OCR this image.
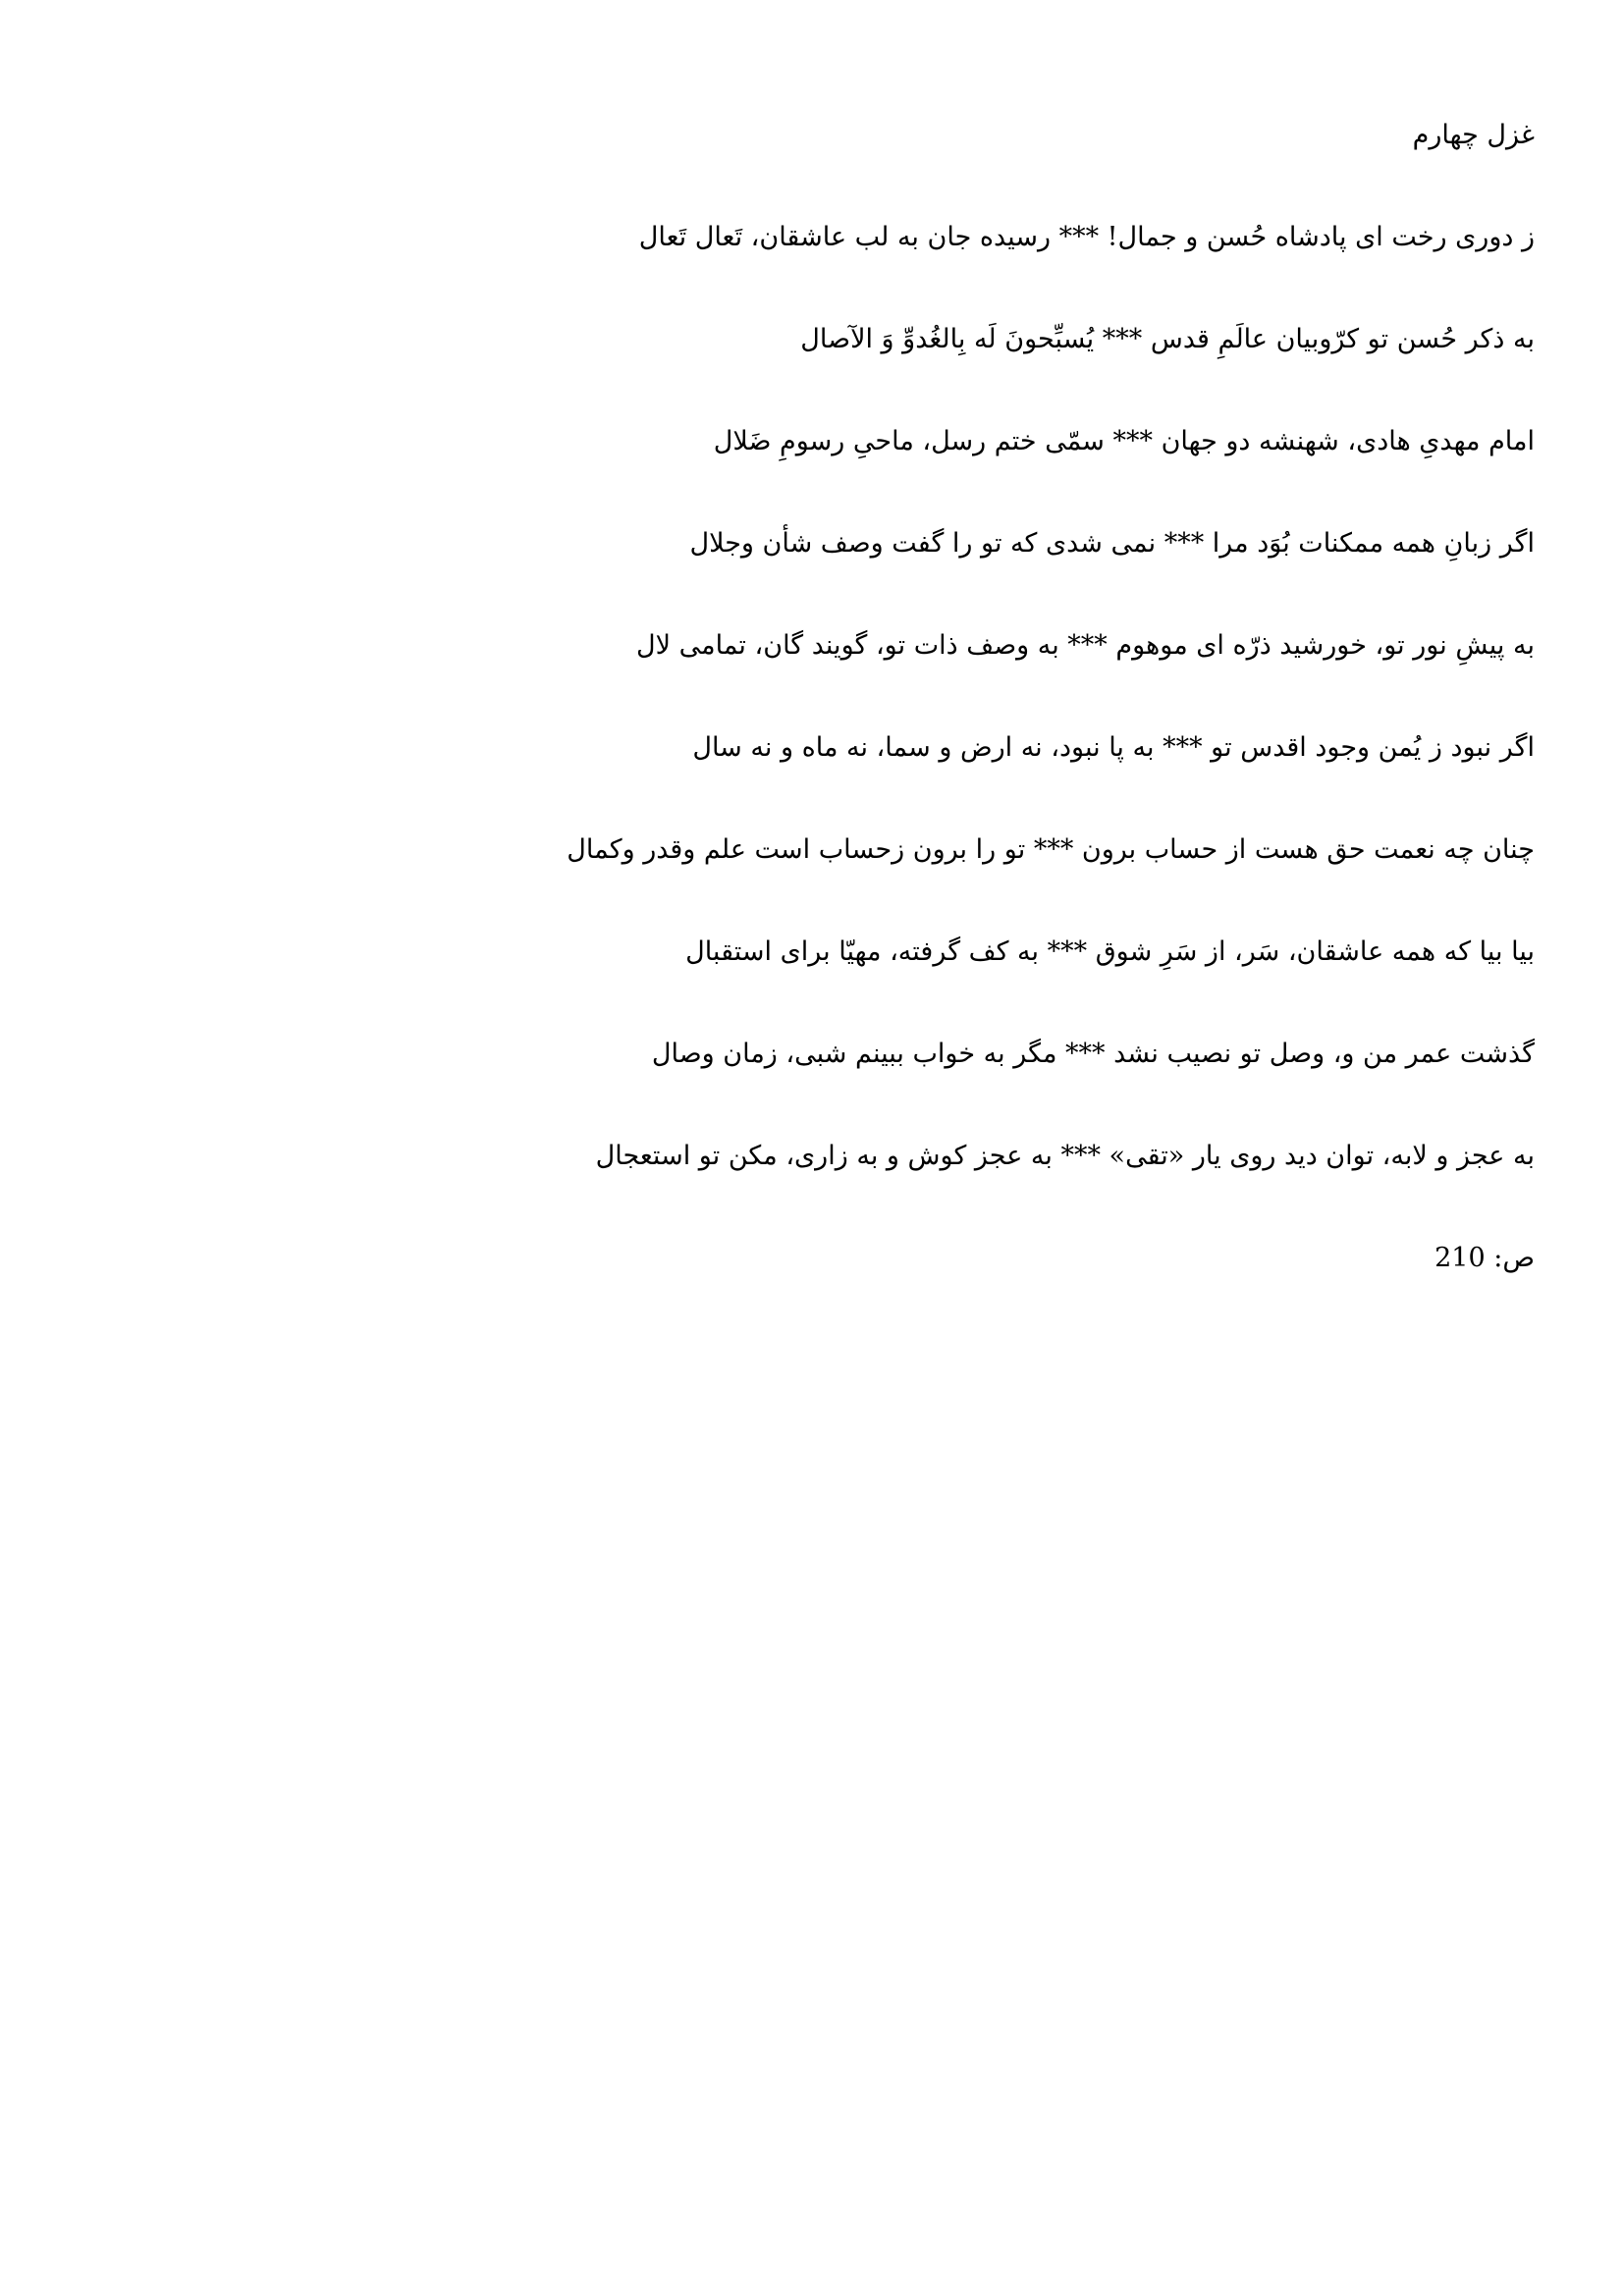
غزل چهارم
ز دوری رخت ای پادشاه حُسن و جمال! *** رسیده جان به لب عاشقان، تَعال تَعال
به ذکر حُسن تو کرّوبیان عالَمِ قدس *** یُسبِّحونَ لَه بِالغُدوِّ وَ الآصال
امام مهدیِ هادی، شهنشه دو جهان *** سمّی ختم رسل، ماحیِ رسومِ ضَلال
اگر زبانِ همه ممکنات بُوَد مرا *** نمی شدی که تو را گفت وصف شأن وجلال
به پیشِ نور تو، خورشید ذرّه ای موهوم *** به وصف ذات تو، گویند گان، تمامی لال
اگر نبود ز یُمن وجود اقدس تو *** به پا نبود، نه ارض و سما، نه ماه و نه سال
چنان چه نعمت حق هست از حساب برون *** تو را برون زحساب است علم وقدر وکمال
بیا بیا که همه عاشقان، سَر، از سَرِ شوق *** به کف گرفته، مهیّا برای استقبال
گذشت عمر من و، وصل تو نصیب نشد *** مگر به خواب ببینم شبی، زمان وصال
به عجز و لابه، توان دید روی یار «تقی» *** به عجز کوش و به زاری، مکن تو استعجال
ص: 210
